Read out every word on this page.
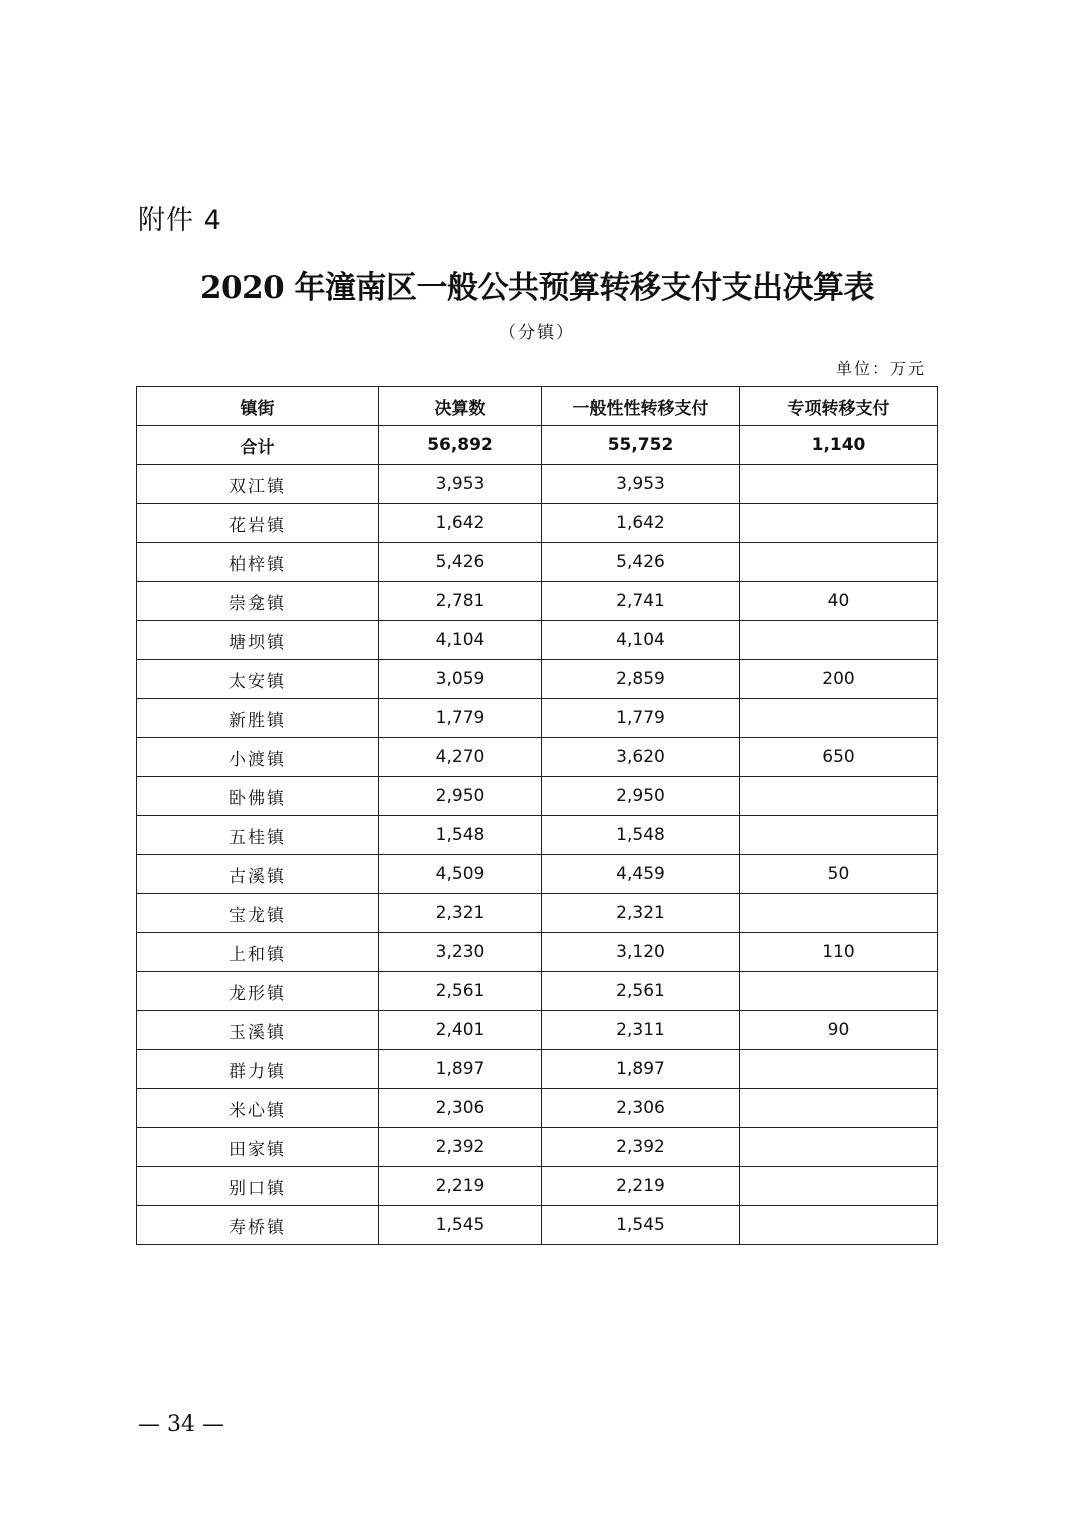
附件 4
2020 年潼南区一般公共预算转移支付支出决算表
（分镇）
单位：万元
镇街	决算数	一般性性转移支付	专项转移支付
合计	56,892	55,752	1,140
双江镇	3,953	3,953	
花岩镇	1,642	1,642	
柏梓镇	5,426	5,426	
崇龛镇	2,781	2,741	40
塘坝镇	4,104	4,104	
太安镇	3,059	2,859	200
新胜镇	1,779	1,779	
小渡镇	4,270	3,620	650
卧佛镇	2,950	2,950	
五桂镇	1,548	1,548	
古溪镇	4,509	4,459	50
宝龙镇	2,321	2,321	
上和镇	3,230	3,120	110
龙形镇	2,561	2,561	
玉溪镇	2,401	2,311	90
群力镇	1,897	1,897	
米心镇	2,306	2,306	
田家镇	2,392	2,392	
别口镇	2,219	2,219	
寿桥镇	1,545	1,545	
— 34 —
